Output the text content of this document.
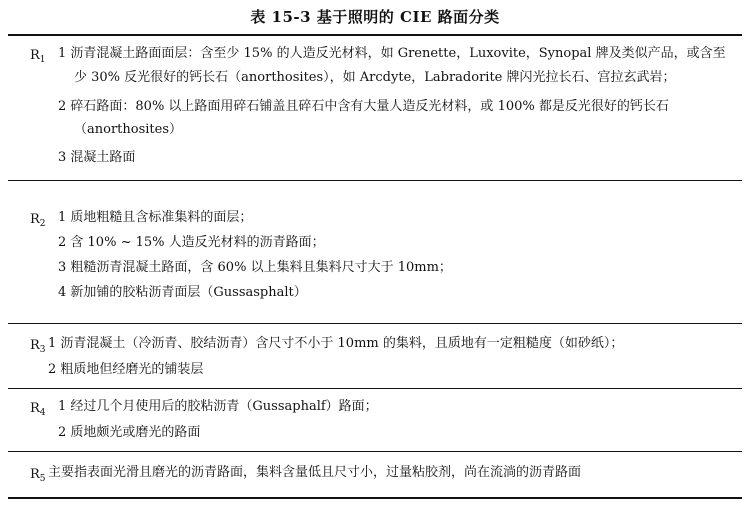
表 15-3 基于照明的 CIE 路面分类
$R_1$ 1 沥青混凝土路面面层：含至少 15% 的人造反光材料，如 Grenette，Luxovite，Synopal 牌及类似产品，或含至
少 30% 反光很好的钙长石（anorthosites），如 Arcdyte，Labradorite 牌闪光拉长石、宫拉玄武岩；
2 碎石路面：80% 以上路面用碎石铺盖且碎石中含有大量人造反光材料，或 100% 都是反光很好的钙长石
（anorthosites）
3 混凝土路面
$R_2$ 1 质地粗糙且含标准集料的面层；
2 含 10% ~ 15% 人造反光材料的沥青路面；
3 粗糙沥青混凝土路面，含 60% 以上集料且集料尺寸大于 10mm；
4 新加铺的胶粘沥青面层（Gussasphalt）
$R_3$ 1 沥青混凝土（冷沥青、胶结沥青）含尺寸不小于 10mm 的集料，且质地有一定粗糙度（如砂纸）；
2 粗质地但经磨光的铺装层
$R_4$ 1 经过几个月使用后的胶粘沥青（Gussaphalf）路面；
2 质地颇光或磨光的路面
$R_5$ 主要指表面光滑且磨光的沥青路面，集料含量低且尺寸小，过量粘胶剂，尚在流淌的沥青路面
